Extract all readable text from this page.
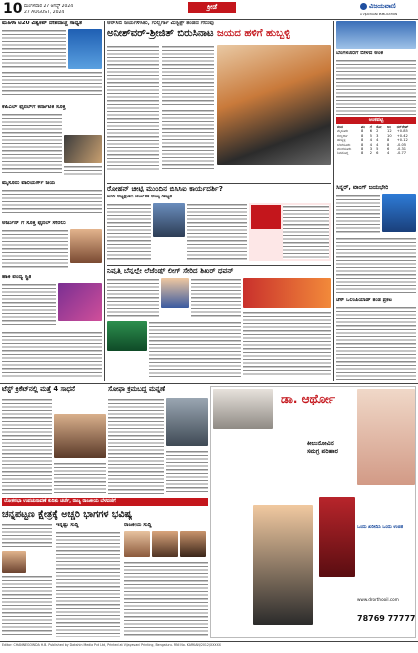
10 ಮಂಗಳವಾರ 27 ಆಗಸ್ಟ್ 2024
27 AUGUST, 2024
ಕ್ರೀಡೆ	ವಿಜಯವಾಣಿ
A VIJAYAVANI PUBLICATION
ಮಹಿಳಾ ಟಿ20 ವಿಶ್ವಕಪ್‌ ದೇಶದಾಚ್ಚೆ ಸಾಧ್ಯತೆ
ಕೆಪಿಎಲ್ ಫೈನಲ್‌ಗೆ ಕರ್ನಾಟಕ ಸೂಕ್ತ
ಮೈಸೂರು ವಾರಿಯರ್ಸ್ ಜಯ
ಅರ್ಜುನ್‌ ಗೆ ಸೂಕ್ತ ಫೈನಲ್‌ ಸೇರಲು
ಹಾಕಿ ಪಂದ್ಯ ಸ್ಥಿತಿ
ಆರ್‌ಸಿಬಿ ಜಯಗಳಿಸಿತು, ಗುಲ್ಬರ್ಗಾ ಮಿಸ್ಟಿಕ್ಸ್ ತಂಡದ ಗೆಲುವು
ಅನೀಶ್‌ವರ್-ಶ್ರೀಜಿತ್ ಬಿರುಸಿನಾಟ ಜಯದ ಹಳಿಗೆ ಹುಬ್ಬಳ್ಳಿ
ಬೆಂಗಳೂರಿಗೆ ಬೀಳದ ಅಂಕ
ಅಂಕಪಟ್ಟಿ
ತಂಡ	ಪಂ	ಗೆ	ಸೋ	ಅಂ	ರನ್‌ರೇಟ್
ಮೈಸೂರು	8	6	2	12	+0.85
ಗುಲ್ಬರ್ಗಾ	8	5	3	10	+0.42
ಹುಬ್ಬಳ್ಳಿ	8	4	4	8	+0.12
ಬೆಂಗಳೂರು	8	4	4	8	-0.05
ಮಂಗಳೂರು	8	3	5	6	-0.31
ಶಿವಮೊಗ್ಗ	8	2	6	4	-0.77
ರೋಹನ್ ಚೀಟ್ಟಿ ಮುಂದಿನ ಬಿಸಿಸಿಐ ಕಾರ್ಯದರ್ಶಿ?
ಐಸಿಸಿ ಅಧ್ಯಕ್ಷರಾಗಿ ಜಯ್‌ಶಾ ಆಯ್ಕೆ ಸಾಧ್ಯತೆ
ಸಿನ್ನರ್, ವಾಂಗ್ ಜಯಭೇರಿ
ನಿವೃತ್ತಿ ಬೆನ್ನಲ್ಲೇ ಲೆಜೆಂಡ್ಸ್ ಲೀಗ್ ಸೇರಿದ ಶಿಖರ್ ಧವನ್
ಚೆಸ್ ಒಲಿಂಪಿಯಾಡ್ ತಂಡ ಪ್ರಕಟ
ಟೆಸ್ಟ್ ಕ್ರಿಕೆಟ್‌ನಲ್ಲಿ ಮತ್ತೆ 4 ಸಾಧನೆ	ಸೋಫಾ ಕ್ರಮಬದ್ಧ ಮನ್ನಣೆ
ಡಾ. ಆರ್ಥೋ
ಕೀಲುನೋವಿನ
ಸಮಗ್ರ ಪರಿಹಾರ
ಒಂದು ಖರೀದಿಸಿ ಒಂದು ಉಚಿತ
www.drorthooil.com
78769 77777
ಲೋಕಸಭಾ ಉಪಚುನಾವಣೆ ಕುರಿತು ಚರ್ಚೆ, ರಾಜ್ಯ ರಾಜಕೀಯ ಬೆಳವಣಿಗೆ
ಚನ್ನಪಟ್ಟಣ ಕ್ಷೇತ್ರಕ್ಕೆ ಅಚ್ಚರಿ ಭಾಗಗಳ ಭವಿಷ್ಯ
ಇನ್ನಷ್ಟು ಸುದ್ದಿ	ರಾಜಕೀಯ ಸುದ್ದಿ
Editor: CHANNEGOWDA H.B. Published by Dakshin Media Pvt Ltd, Printed at Vijayavani Printing, Bengaluru. RNI No. KARKAN/2012/XXXXX
